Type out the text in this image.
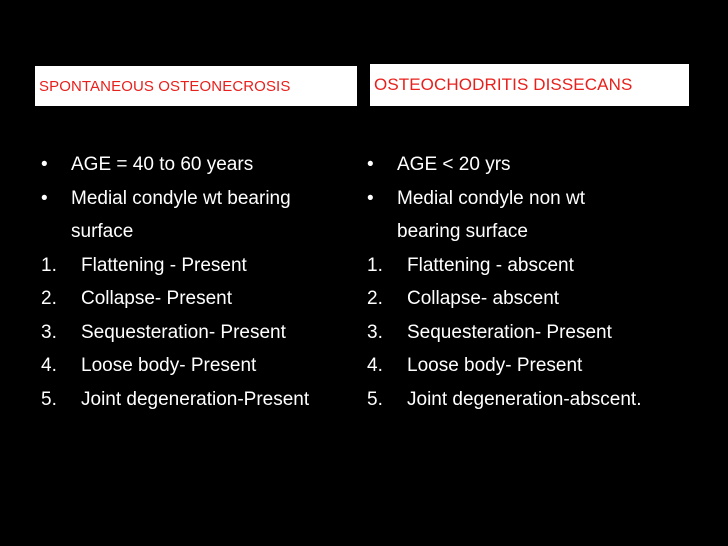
SPONTANEOUS OSTEONECROSIS	OSTEOCHODRITIS DISSECANS
•	AGE = 40 to 60 years
•	Medial condyle wt bearing
surface
1.	Flattening - Present
2.	Collapse- Present
3.	Sequesteration- Present
4.	Loose body- Present
5.	Joint degeneration-Present
•	AGE < 20 yrs
•	Medial condyle non wt
bearing surface
1.	Flattening - abscent
2.	Collapse- abscent
3.	Sequesteration- Present
4.	Loose body- Present
5.	Joint degeneration-abscent.
